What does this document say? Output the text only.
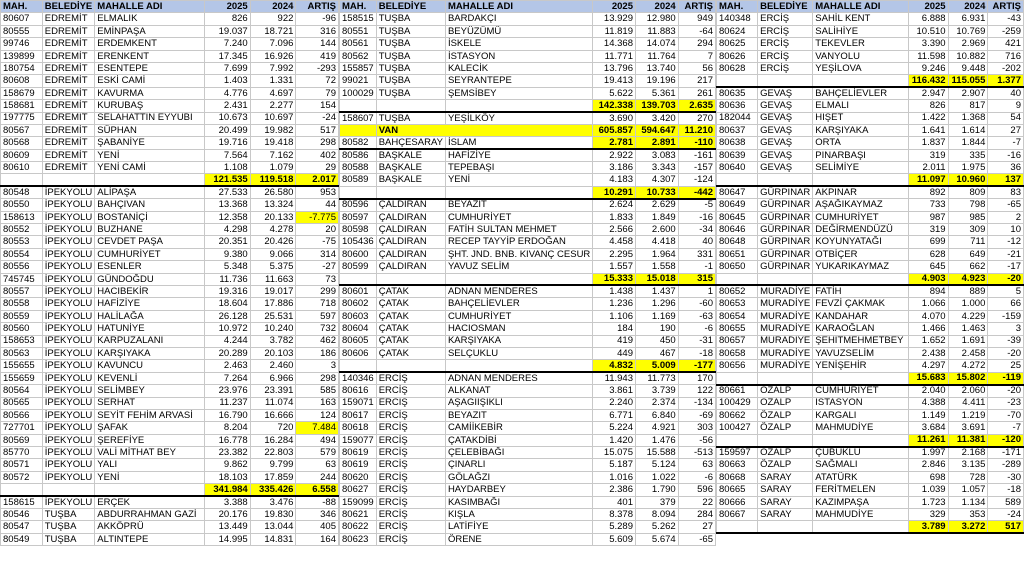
MAH.	BELEDİYE	MAHALLE ADI	2025	2024	ARTIŞ
80607	EDREMİT	ELMALIK	826	922	-96
80555	EDREMİT	EMİNPAŞA	19.037	18.721	316
99746	EDREMİT	ERDEMKENT	7.240	7.096	144
139899	EDREMİT	ERENKENT	17.345	16.926	419
180754	EDREMİT	ESENTEPE	7.699	7.992	-293
80608	EDREMİT	ESKİ CAMİ	1.403	1.331	72
158679	EDREMİT	KAVURMA	4.776	4.697	79
158681	EDREMİT	KURUBAŞ	2.431	2.277	154
197775	EDREMİT	SELAHATTİN EYYUBİ	10.673	10.697	-24
80567	EDREMİT	SÜPHAN	20.499	19.982	517
80568	EDREMİT	ŞABANİYE	19.716	19.418	298
80609	EDREMİT	YENİ	7.564	7.162	402
80610	EDREMİT	YENİ CAMİ	1.108	1.079	29
			121.535	119.518	2.017
80548	İPEKYOLU	ALİPAŞA	27.533	26.580	953
80550	İPEKYOLU	BAHÇIVAN	13.368	13.324	44
158613	İPEKYOLU	BOSTANİÇİ	12.358	20.133	-7.775
80552	İPEKYOLU	BUZHANE	4.298	4.278	20
80553	İPEKYOLU	CEVDET PAŞA	20.351	20.426	-75
80554	İPEKYOLU	CUMHURİYET	9.380	9.066	314
80556	İPEKYOLU	ESENLER	5.348	5.375	-27
745745	İPEKYOLU	GÜNDOĞDU	11.736	11.663	73
80557	İPEKYOLU	HACIBEKİR	19.316	19.017	299
80558	İPEKYOLU	HAFİZİYE	18.604	17.886	718
80559	İPEKYOLU	HALİLAĞA	26.128	25.531	597
80560	İPEKYOLU	HATUNİYE	10.972	10.240	732
158653	İPEKYOLU	KARPUZALANI	4.244	3.782	462
80563	İPEKYOLU	KARŞIYAKA	20.289	20.103	186
155655	İPEKYOLU	KAVUNCU	2.463	2.460	3
155659	İPEKYOLU	KEVENLİ	7.264	6.966	298
80564	İPEKYOLU	SELİMBEY	23.976	23.391	585
80565	İPEKYOLU	SERHAT	11.237	11.074	163
80566	İPEKYOLU	SEYİT FEHİM ARVASİ	16.790	16.666	124
727701	İPEKYOLU	ŞAFAK	8.204	720	7.484
80569	İPEKYOLU	ŞEREFİYE	16.778	16.284	494
85770	İPEKYOLU	VALİ MİTHAT BEY	23.382	22.803	579
80571	İPEKYOLU	YALI	9.862	9.799	63
80572	İPEKYOLU	YENİ	18.103	17.859	244
			341.984	335.426	6.558
158615	İPEKYOLU	ERÇEK	3.388	3.476	-88
80546	TUŞBA	ABDURRAHMAN GAZİ	20.176	19.830	346
80547	TUŞBA	AKKÖPRÜ	13.449	13.044	405
80549	TUŞBA	ALTINTEPE	14.995	14.831	164
MAH.	BELEDİYE	MAHALLE ADI	2025	2024	ARTIŞ
158515	TUŞBA	BARDAKÇI	13.929	12.980	949
80551	TUŞBA	BEYÜZÜMÜ	11.819	11.883	-64
80561	TUŞBA	İSKELE	14.368	14.074	294
80562	TUŞBA	İSTASYON	11.771	11.764	7
155857	TUŞBA	KALECİK	13.796	13.740	56
99021	TUŞBA	SEYRANTEPE	19.413	19.196	217
100029	TUŞBA	ŞEMSİBEY	5.622	5.361	261
			142.338	139.703	2.635
158607	TUŞBA	YEŞİLKÖY	3.690	3.420	270
	VAN		605.857	594.647	11.210
80582	BAHÇESARAY	İSLAM	2.781	2.891	-110
80586	BAŞKALE	HAFİZİYE	2.922	3.083	-161
80588	BAŞKALE	TEPEBAŞI	3.186	3.343	-157
80589	BAŞKALE	YENİ	4.183	4.307	-124
			10.291	10.733	-442
80596	ÇALDIRAN	BEYAZIT	2.624	2.629	-5
80597	ÇALDIRAN	CUMHURİYET	1.833	1.849	-16
80598	ÇALDIRAN	FATİH SULTAN MEHMET	2.566	2.600	-34
105436	ÇALDIRAN	RECEP TAYYİP ERDOĞAN	4.458	4.418	40
80600	ÇALDIRAN	ŞHT. JND. BNB. KIVANÇ CESUR	2.295	1.964	331
80599	ÇALDIRAN	YAVUZ SELİM	1.557	1.558	-1
			15.333	15.018	315
80601	ÇATAK	ADNAN MENDERES	1.438	1.437	1
80602	ÇATAK	BAHÇELİEVLER	1.236	1.296	-60
80603	ÇATAK	CUMHURİYET	1.106	1.169	-63
80604	ÇATAK	HACIOSMAN	184	190	-6
80605	ÇATAK	KARŞIYAKA	419	450	-31
80606	ÇATAK	SELÇUKLU	449	467	-18
			4.832	5.009	-177
140346	ERCİŞ	ADNAN MENDERES	11.943	11.773	170
80616	ERCİŞ	ALKANAT	3.861	3.739	122
159071	ERCİŞ	AŞAĞIIŞIKLI	2.240	2.374	-134
80617	ERCİŞ	BEYAZIT	6.771	6.840	-69
80618	ERCİŞ	CAMİİKEBİR	5.224	4.921	303
159077	ERCİŞ	ÇATAKDİBİ	1.420	1.476	-56
80619	ERCİŞ	ÇELEBİBAĞI	15.075	15.588	-513
80619	ERCİŞ	ÇINARLI	5.187	5.124	63
80620	ERCİŞ	GÖLAĞZI	1.016	1.022	-6
80627	ERCİŞ	HAYDARBEY	2.386	1.790	596
159099	ERCİŞ	KASIMBAĞI	401	379	22
80621	ERCİŞ	KIŞLA	8.378	8.094	284
80622	ERCİŞ	LATİFİYE	5.289	5.262	27
80623	ERCİŞ	ÖRENE	5.609	5.674	-65
MAH.	BELEDİYE	MAHALLE ADI	2025	2024	ARTIŞ
140348	ERCİŞ	SAHİL KENT	6.888	6.931	-43
80624	ERCİŞ	SALİHİYE	10.510	10.769	-259
80625	ERCİŞ	TEKEVLER	3.390	2.969	421
80626	ERCİŞ	VANYOLU	11.598	10.882	716
80628	ERCİŞ	YEŞİLOVA	9.246	9.448	-202
			116.432	115.055	1.377
80635	GEVAŞ	BAHÇELİEVLER	2.947	2.907	40
80636	GEVAŞ	ELMALI	826	817	9
182044	GEVAŞ	HİŞET	1.422	1.368	54
80637	GEVAŞ	KARŞIYAKA	1.641	1.614	27
80638	GEVAŞ	ORTA	1.837	1.844	-7
80639	GEVAŞ	PINARBAŞI	319	335	-16
80640	GEVAŞ	SELİMİYE	2.011	1.975	36
			11.097	10.960	137
80647	GÜRPINAR	AKPINAR	892	809	83
80649	GÜRPINAR	AŞAĞIKAYMAZ	733	798	-65
80645	GÜRPINAR	CUMHURİYET	987	985	2
80646	GÜRPINAR	DEĞİRMENDÜZÜ	319	309	10
80648	GÜRPINAR	KOYUNYATAĞI	699	711	-12
80651	GÜRPINAR	OTBİÇER	628	649	-21
80650	GÜRPINAR	YUKARIKAYMAZ	645	662	-17
			4.903	4.923	-20
80652	MURADİYE	FATİH	894	889	5
80653	MURADİYE	FEVZİ ÇAKMAK	1.066	1.000	66
80654	MURADİYE	KANDAHAR	4.070	4.229	-159
80655	MURADİYE	KARAOĞLAN	1.466	1.463	3
80657	MURADİYE	ŞEHİTMEHMETBEY	1.652	1.691	-39
80658	MURADİYE	YAVUZSELİM	2.438	2.458	-20
80656	MURADİYE	YENİŞEHİR	4.297	4.272	25
			15.683	15.802	-119
80661	ÖZALP	CUMHURİYET	2.040	2.060	-20
100429	ÖZALP	İSTASYON	4.388	4.411	-23
80662	ÖZALP	KARGALI	1.149	1.219	-70
100427	ÖZALP	MAHMUDİYE	3.684	3.691	-7
			11.261	11.381	-120
159597	ÖZALP	ÇUBUKLU	1.997	2.168	-171
80663	ÖZALP	SAĞMALI	2.846	3.135	-289
80668	SARAY	ATATÜRK	698	728	-30
80665	SARAY	FERİTMELEN	1.039	1.057	-18
80666	SARAY	KAZIMPAŞA	1.723	1.134	589
80667	SARAY	MAHMUDİYE	329	353	-24
			3.789	3.272	517
